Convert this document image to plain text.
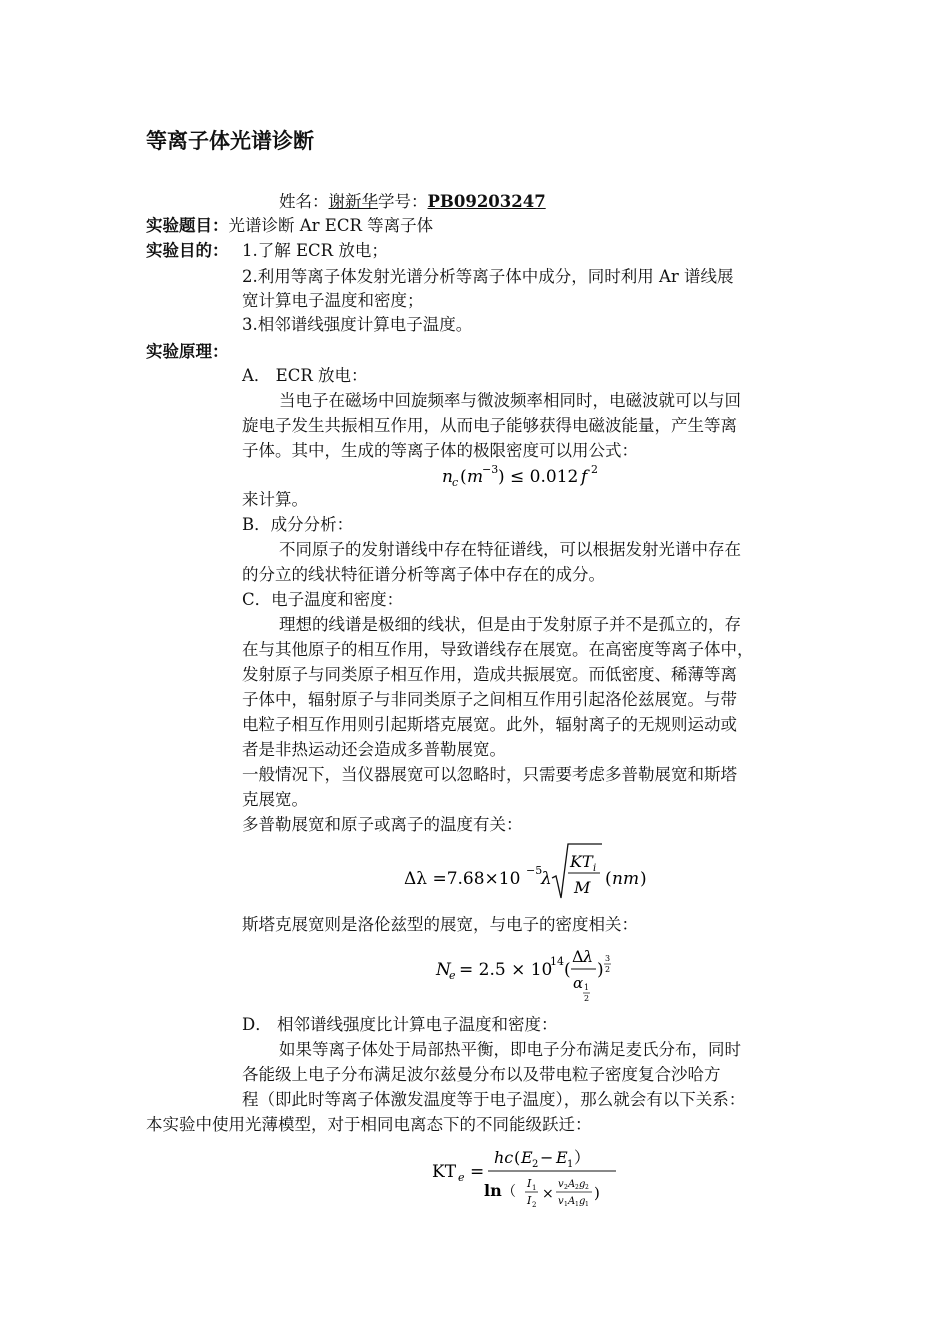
等离子体光谱诊断
姓名：谢新华学号：PB09203247
实验题目：光谱诊断 Ar ECR 等离子体
实验目的： 1.了解 ECR 放电；
2.利用等离子体发射光谱分析等离子体中成分，同时利用 Ar 谱线展
宽计算电子温度和密度；
3.相邻谱线强度计算电子温度。
实验原理：
A． ECR 放电：
当电子在磁场中回旋频率与微波频率相同时，电磁波就可以与回
旋电子发生共振相互作用，从而电子能够获得电磁波能量，产生等离
子体。其中，生成的等离子体的极限密度可以用公式：
n c ( m
−3 ) ≤ 0.012 f 2
来计算。
B．成分分析：
不同原子的发射谱线中存在特征谱线，可以根据发射光谱中存在
的分立的线状特征谱分析等离子体中存在的成分。
C．电子温度和密度：
理想的线谱是极细的线状，但是由于发射原子并不是孤立的，存
在与其他原子的相互作用，导致谱线存在展宽。在高密度等离子体中，
发射原子与同类原子相互作用，造成共振展宽。而低密度、稀薄等离
子体中，辐射原子与非同类原子之间相互作用引起洛伦兹展宽。与带
电粒子相互作用则引起斯塔克展宽。此外，辐射离子的无规则运动或
者是非热运动还会造成多普勒展宽。
一般情况下，当仪器展宽可以忽略时，只需要考虑多普勒展宽和斯塔
克展宽。
多普勒展宽和原子或离子的温度有关：
Δλ =7.68×10 −5
λ
KT i
M ( nm )
斯塔克展宽则是洛伦兹型的展宽，与电子的密度相关：
N
e = 2.5 × 10
14 (
Δ λ
α 1
2
)
3
2
D． 相邻谱线强度比计算电子温度和密度：
如果等离子体处于局部热平衡，即电子分布满足麦氏分布，同时
各能级上电子分布满足波尔兹曼分布以及带电粒子密度复合沙哈方
程（即此时等离子体激发温度等于电子温度），那么就会有以下关系：
本实验中使用光薄模型，对于相同电离态下的不同能级跃迁：
KT e =
hc ( E 2 − E 1 ）
ln （
I 1
I 2
×
v 2 A 2 g 2
v 1 A 1 g 1
)
